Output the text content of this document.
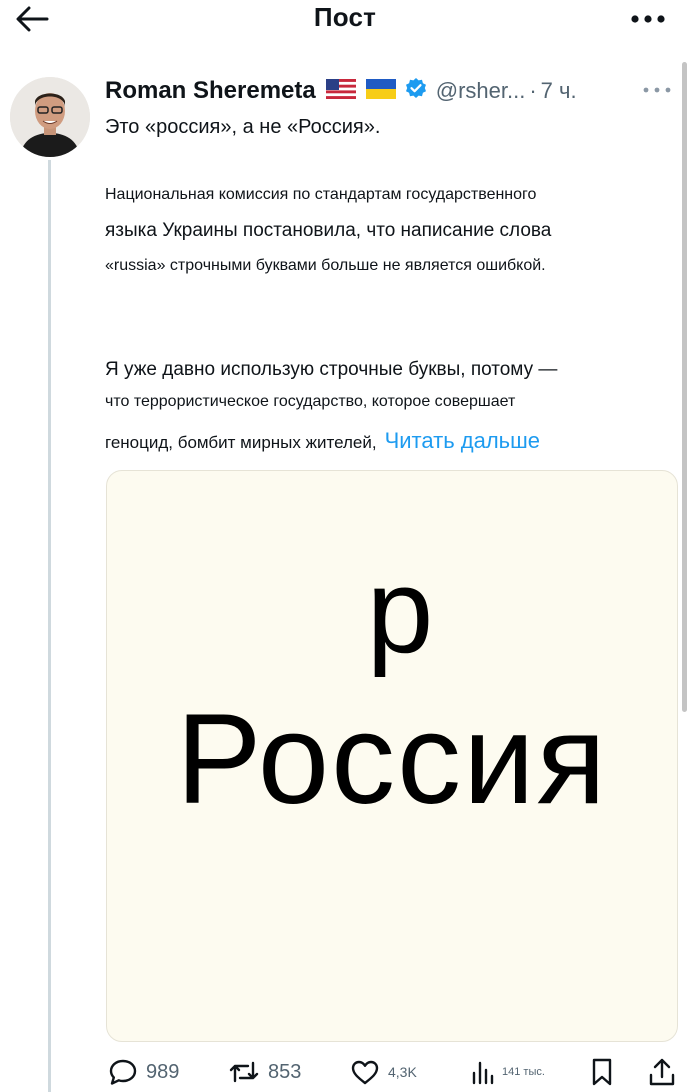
Пост
Roman Sheremeta	@rsher... · 7 ч.
Это «россия», а не «Россия».
Национальная комиссия по стандартам государственного
языка Украины постановила, что написание слова
«russia» строчными буквами больше не является ошибкой.
Я уже давно использую строчные буквы, потому —
что террористическое государство, которое совершает
геноцид, бомбит мирных жителей, Читать дальше
р
Россия
989	853	4,3K	141 тыс.
